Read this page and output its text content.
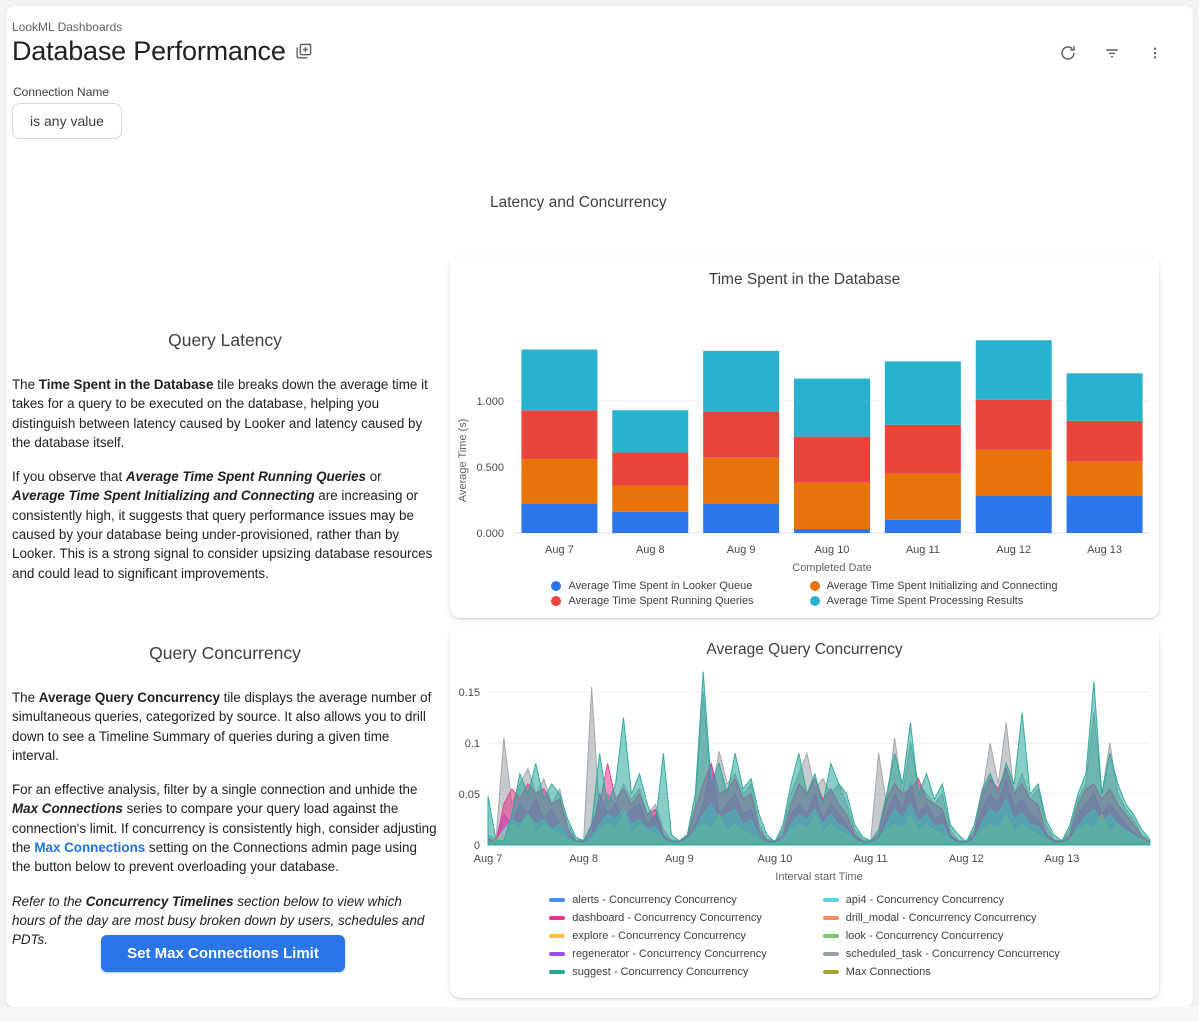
LookML Dashboards
Database Performance
Connection Name
is any value
Latency and Concurrency
Query Latency

The Time Spent in the Database tile breaks down the average time it takes for a query to be executed on the database, helping you distinguish between latency caused by Looker and latency caused by the database itself.

If you observe that Average Time Spent Running Queries or Average Time Spent Initializing and Connecting are increasing or consistently high, it suggests that query performance issues may be caused by your database being under-provisioned, rather than by Looker. This is a strong signal to consider upsizing database resources and could lead to significant improvements.

Query Concurrency

The Average Query Concurrency tile displays the average number of simultaneous queries, categorized by source. It also allows you to drill down to see a Timeline Summary of queries during a given time interval.

For an effective analysis, filter by a single connection and unhide the Max Connections series to compare your query load against the connection's limit. If concurrency is consistently high, consider adjusting the Max Connections setting on the Connections admin page using the button below to prevent overloading your database.

Refer to the Concurrency Timelines section below to view which hours of the day are most busy broken down by users, schedules and PDTs.

Set Max Connections Limit
Time Spent in the Database
0.000
0.500
1.000
Average Time (s)
Aug 7	Aug 8	Aug 9	Aug 10	Aug 11	Aug 12	Aug 13
Completed Date
Average Time Spent in Looker Queue	Average Time Spent Initializing and Connecting
Average Time Spent Running Queries	Average Time Spent Processing Results
Average Query Concurrency
0
0.05
0.1
0.15
Aug 7	Aug 8	Aug 9	Aug 10	Aug 11	Aug 12	Aug 13
Interval start Time
alerts - Concurrency Concurrency	api4 - Concurrency Concurrency
dashboard - Concurrency Concurrency	drill_modal - Concurrency Concurrency
explore - Concurrency Concurrency	look - Concurrency Concurrency
regenerator - Concurrency Concurrency	scheduled_task - Concurrency Concurrency
suggest - Concurrency Concurrency	Max Connections
